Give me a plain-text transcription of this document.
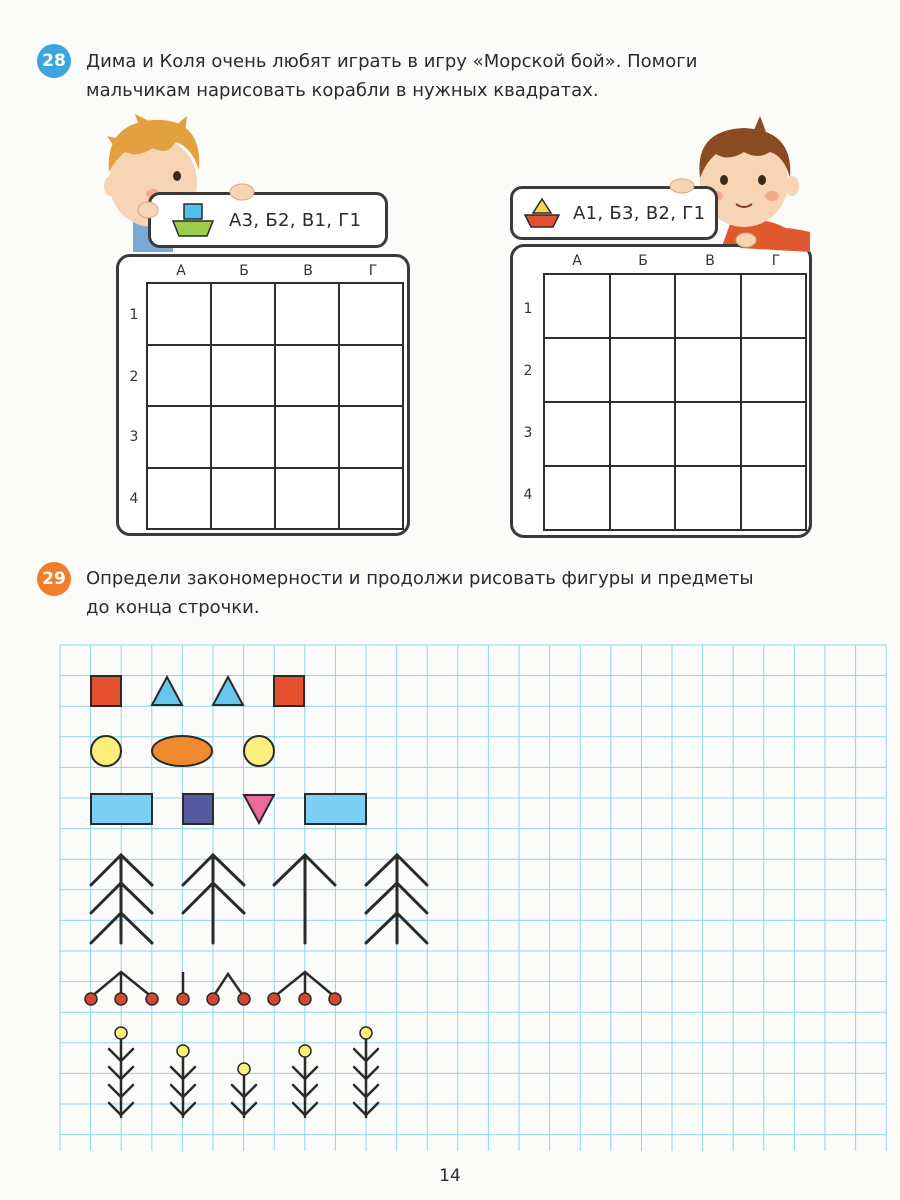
28 Дима и Коля очень любят играть в игру «Морской бой». Помоги
мальчикам нарисовать корабли в нужных квадратах.
А3, Б2, В1, Г1	А1, Б3, В2, Г1
А	Б	В	Г
1
2
3
4
А	Б	В	Г
1
2
3
4
29 Определи закономерности и продолжи рисовать фигуры и предметы
до конца строчки.
14
